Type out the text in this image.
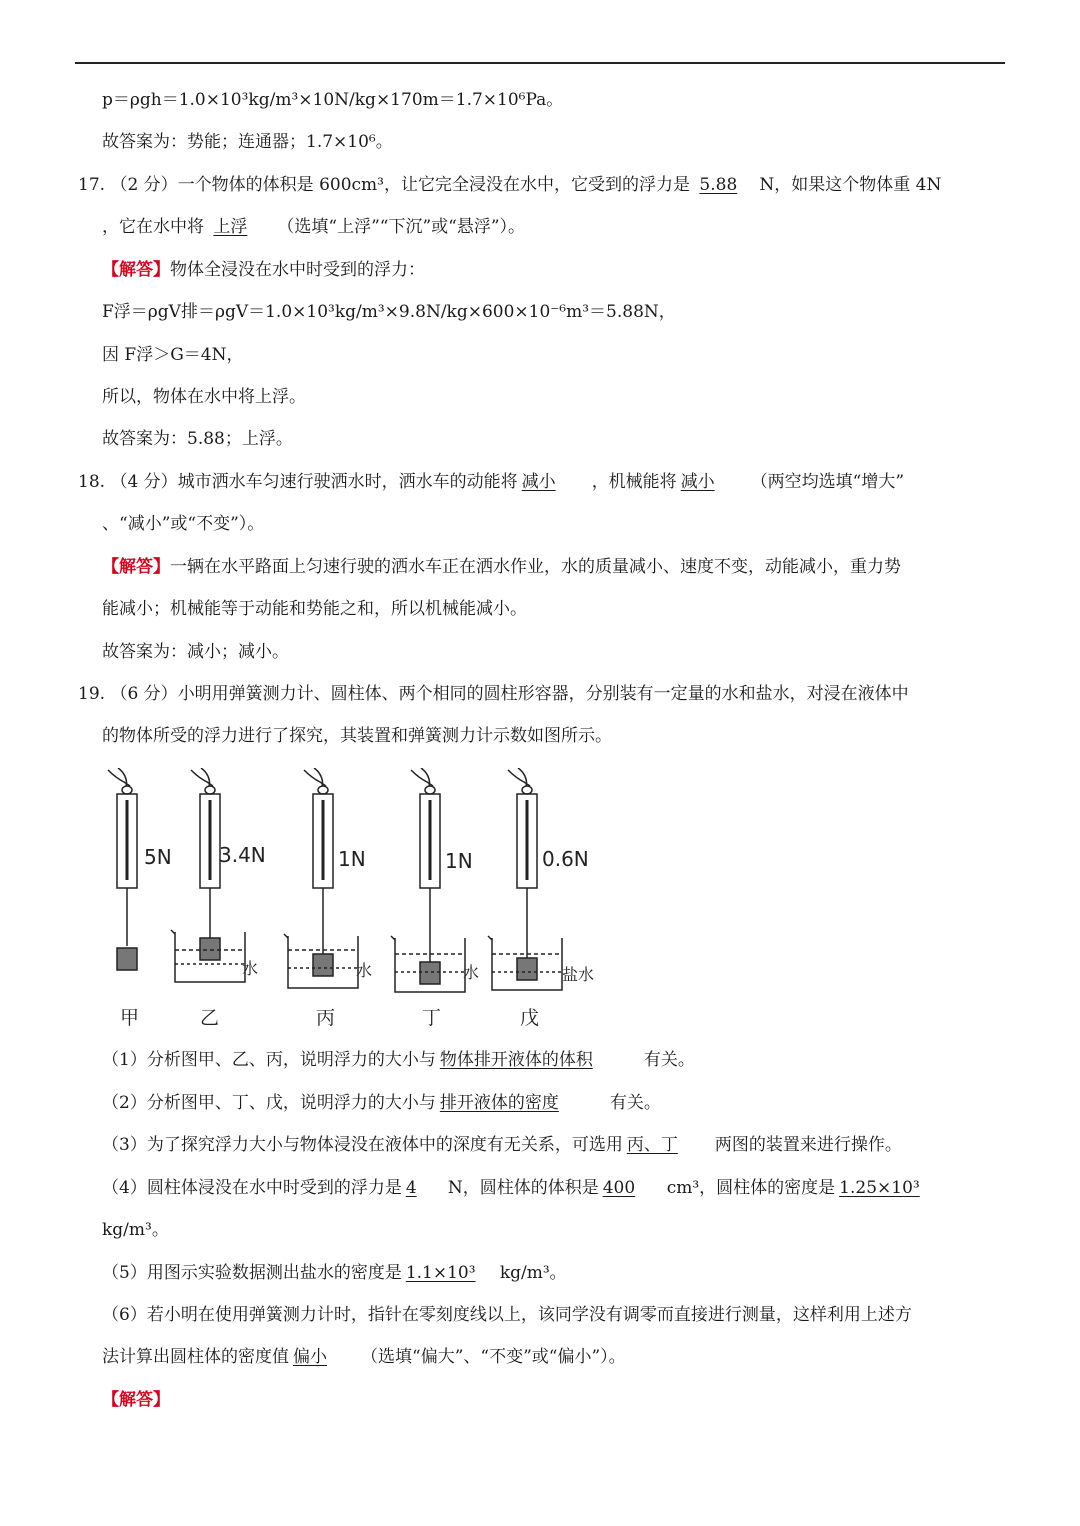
p＝ρgh＝1.0×10³kg/m³×10N/kg×170m＝1.7×10⁶Pa。
故答案为：势能；连通器；1.7×10⁶。
17. （2 分）一个物体的体积是 600cm³，让它完全浸没在水中，它受到的浮力是 5.88 N，如果这个物体重 4N
，它在水中将 上浮 （选填“上浮”“下沉”或“悬浮”）。
【解答】物体全浸没在水中时受到的浮力：
F浮＝ρgV排＝ρgV＝1.0×10³kg/m³×9.8N/kg×600×10⁻⁶m³＝5.88N，
因 F浮＞G＝4N，
所以，物体在水中将上浮。
故答案为：5.88；上浮。
18. （4 分）城市洒水车匀速行驶洒水时，洒水车的动能将 减小 ，机械能将 减小 （两空均选填“增大”
、“减小”或“不变”）。
【解答】一辆在水平路面上匀速行驶的洒水车正在洒水作业，水的质量减小、速度不变，动能减小，重力势
能减小；机械能等于动能和势能之和，所以机械能减小。
故答案为：减小；减小。
19. （6 分）小明用弹簧测力计、圆柱体、两个相同的圆柱形容器，分别装有一定量的水和盐水，对浸在液体中
的物体所受的浮力进行了探究，其装置和弹簧测力计示数如图所示。
5N 3.4N	1N	1N	0.6N
水	水	水	盐水
甲	乙	丙	丁	戊
（1）分析图甲、乙、丙，说明浮力的大小与 物体排开液体的体积	有关。
（2）分析图甲、丁、戊，说明浮力的大小与 排开液体的密度	有关。
（3）为了探究浮力大小与物体浸没在液体中的深度有无关系，可选用 丙、丁 两图的装置来进行操作。
（4）圆柱体浸没在水中时受到的浮力是 4 N，圆柱体的体积是 400 cm³，圆柱体的密度是 1.25×10³
kg/m³。
（5）用图示实验数据测出盐水的密度是 1.1×10³ kg/m³。
（6）若小明在使用弹簧测力计时，指针在零刻度线以上，该同学没有调零而直接进行测量，这样利用上述方
法计算出圆柱体的密度值 偏小 （选填“偏大”、“不变”或“偏小”）。
【解答】
